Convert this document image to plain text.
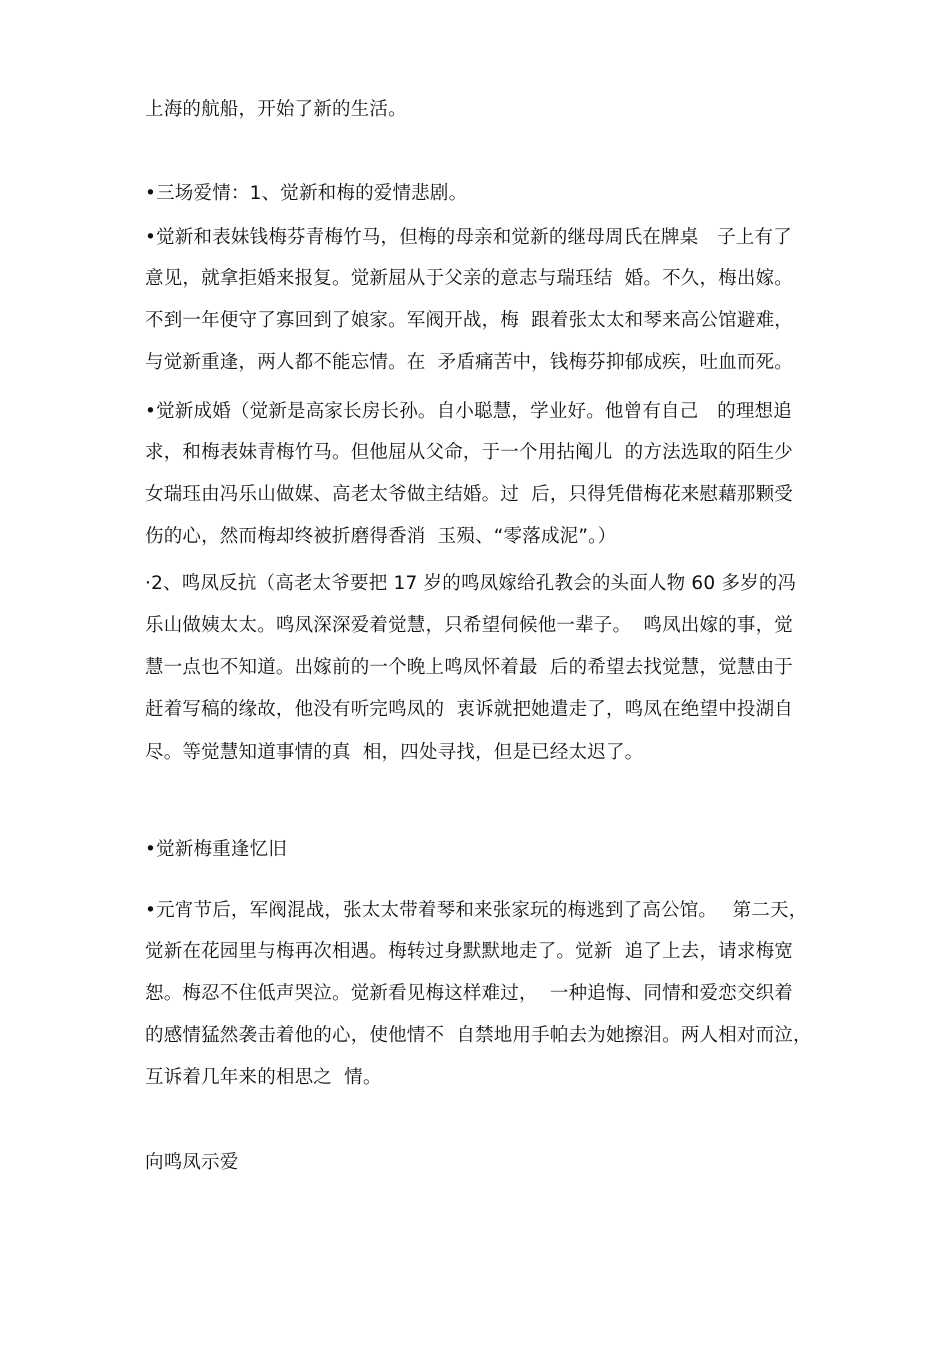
上海的航船，开始了新的生活。
•三场爱情：1、觉新和梅的爱情悲剧。
•觉新和表妹钱梅芬青梅竹马，但梅的母亲和觉新的继母周氏在牌桌　子上有了
意见，就拿拒婚来报复。觉新屈从于父亲的意志与瑞珏结  婚。不久，梅出嫁。
不到一年便守了寡回到了娘家。军阀开战，梅  跟着张太太和琴来高公馆避难，
与觉新重逢，两人都不能忘情。在  矛盾痛苦中，钱梅芬抑郁成疾，吐血而死。
•觉新成婚（觉新是高家长房长孙。自小聪慧，学业好。他曾有自己　的理想追
求，和梅表妹青梅竹马。但他屈从父命，于一个用拈阄儿  的方法选取的陌生少
女瑞珏由冯乐山做媒、高老太爷做主结婚。过  后，只得凭借梅花来慰藉那颗受
伤的心，然而梅却终被折磨得香消  玉殒、“零落成泥”。）
·2、鸣凤反抗（高老太爷要把 17 岁的鸣凤嫁给孔教会的头面人物 60 多岁的冯
乐山做姨太太。鸣凤深深爱着觉慧，只希望伺候他一辈子。  鸣凤出嫁的事，觉
慧一点也不知道。出嫁前的一个晚上鸣凤怀着最  后的希望去找觉慧，觉慧由于
赶着写稿的缘故，他没有听完鸣凤的  衷诉就把她遣走了，鸣凤在绝望中投湖自
尽。等觉慧知道事情的真  相，四处寻找，但是已经太迟了。
•觉新梅重逢忆旧
•元宵节后，军阀混战，张太太带着琴和来张家玩的梅逃到了高公馆。　 第二天，
觉新在花园里与梅再次相遇。梅转过身默默地走了。觉新  追了上去，请求梅宽
恕。梅忍不住低声哭泣。觉新看见梅这样难过，  一种追悔、同情和爱恋交织着
的感情猛然袭击着他的心，使他情不  自禁地用手帕去为她擦泪。两人相对而泣，
互诉着几年来的相思之  情。
向鸣凤示爱
